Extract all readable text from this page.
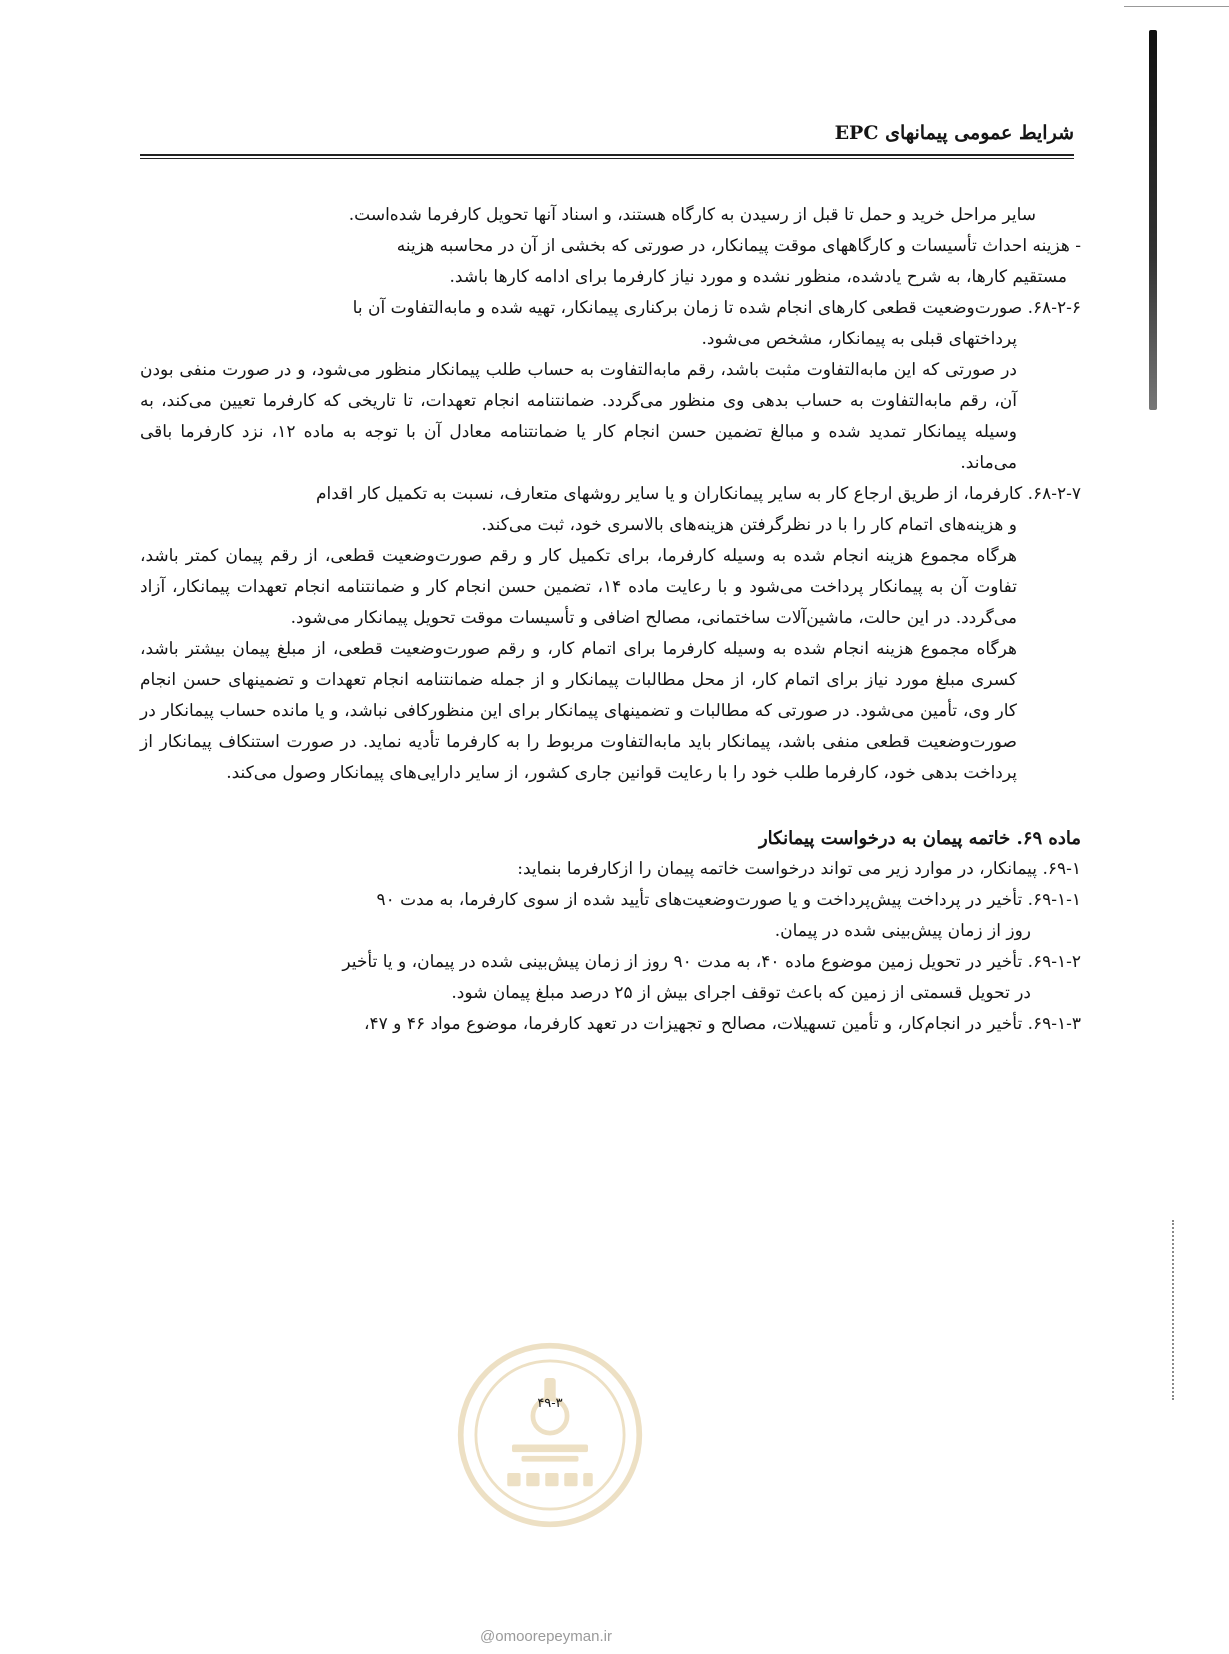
شرایط عمومی پیمانهای EPC

سایر مراحل خرید و حمل تا قبل از رسیدن به کارگاه هستند، و اسناد آنها تحویل کارفرما شده‌است.

- هزینه احداث تأسیسات و کارگاههای موقت پیمانکار، در صورتی که بخشی از آن در محاسبه هزینه

مستقیم کارها، به شرح یادشده، منظور نشده و مورد نیاز کارفرما برای ادامه کارها باشد.

۶۸-۲-۶. صورت‌وضعیت قطعی کارهای انجام شده تا زمان برکناری پیمانکار، تهیه شده و مابه‌التفاوت آن با

پرداختهای قبلی به پیمانکار، مشخص می‌شود.

در صورتی که این مابه‌التفاوت مثبت باشد، رقم مابه‌التفاوت به حساب طلب پیمانکار منظور می‌شود، و در صورت منفی بودن آن، رقم مابه‌التفاوت به حساب بدهی وی منظور می‌گردد. ضمانتنامه انجام تعهدات، تا تاریخی که کارفرما تعیین می‌کند، به وسیله پیمانکار تمدید شده و مبالغ تضمین حسن انجام کار یا ضمانتنامه معادل آن با توجه به ماده ۱۲، نزد کارفرما باقی می‌ماند.

۶۸-۲-۷. کارفرما، از طریق ارجاع کار به سایر پیمانکاران و یا سایر روشهای متعارف، نسبت به تکمیل کار اقدام

و هزینه‌های اتمام کار را با در نظرگرفتن هزینه‌های بالاسری خود، ثبت می‌کند.

هرگاه مجموع هزینه انجام شده به وسیله کارفرما، برای تکمیل کار و رقم صورت‌وضعیت قطعی، از رقم پیمان کمتر باشد، تفاوت آن به پیمانکار پرداخت می‌شود و با رعایت ماده ۱۴، تضمین حسن انجام کار و ضمانتنامه انجام تعهدات پیمانکار، آزاد می‌گردد. در این حالت، ماشین‌آلات ساختمانی، مصالح اضافی و تأسیسات موقت تحویل پیمانکار می‌شود.

هرگاه مجموع هزینه انجام شده به وسیله کارفرما برای اتمام کار، و رقم صورت‌وضعیت قطعی، از مبلغ پیمان بیشتر باشد، کسری مبلغ مورد نیاز برای اتمام کار، از محل مطالبات پیمانکار و از جمله ضمانتنامه انجام تعهدات و تضمینهای حسن انجام کار وی، تأمین می‌شود. در صورتی که مطالبات و تضمینهای پیمانکار برای این منظورکافی نباشد، و یا مانده حساب پیمانکار در صورت‌وضعیت قطعی منفی باشد، پیمانکار باید مابه‌التفاوت مربوط را به کارفرما تأدیه نماید. در صورت استنکاف پیمانکار از پرداخت بدهی خود، کارفرما طلب خود را با رعایت قوانین جاری کشور، از سایر دارایی‌های پیمانکار وصول می‌کند.

ماده ۶۹. خاتمه پیمان به درخواست پیمانکار

۶۹-۱. پیمانکار، در موارد زیر می تواند درخواست خاتمه پیمان را ازکارفرما بنماید:

۶۹-۱-۱. تأخیر در پرداخت پیش‌پرداخت و یا صورت‌وضعیت‌های تأیید شده از سوی کارفرما، به مدت ۹۰

روز از زمان پیش‌بینی شده در پیمان.

۶۹-۱-۲. تأخیر در تحویل زمین موضوع ماده ۴۰، به مدت ۹۰ روز از زمان پیش‌بینی شده در پیمان، و یا تأخیر

در تحویل قسمتی از زمین که باعث توقف اجرای بیش از ۲۵ درصد مبلغ پیمان شود.

۶۹-۱-۳. تأخیر در انجام‌کار، و تأمین تسهیلات، مصالح و تجهیزات در تعهد کارفرما، موضوع مواد ۴۶ و ۴۷،

۴۹-۳
@omoorepeyman.ir
